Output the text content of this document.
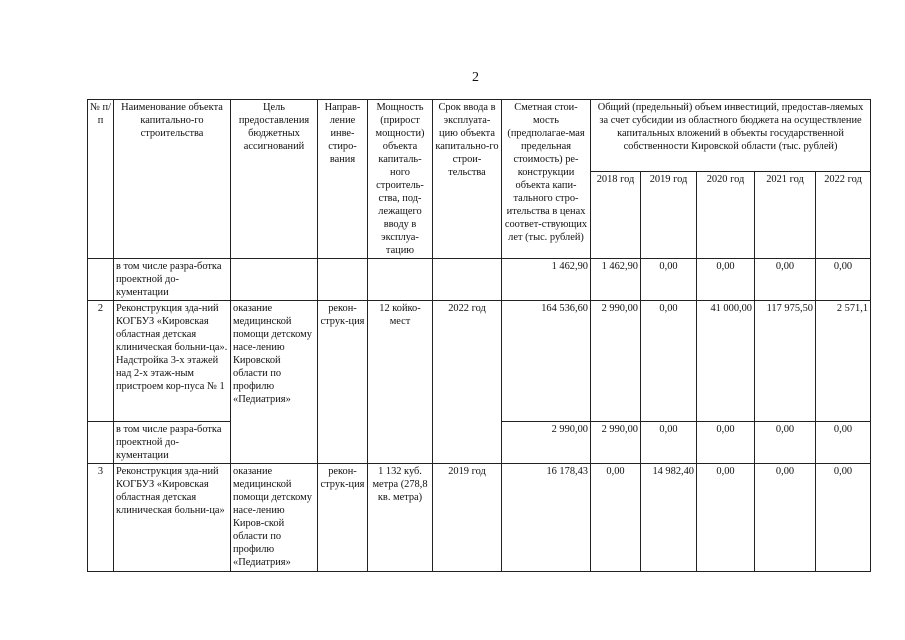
2
№ п/п	Наименование объекта капитально-го строительства	Цель предоставления бюджетных ассигнований	Направ-ление инве-стиро-вания	Мощность (прирост мощности) объекта капиталь-ного строитель-ства, под-лежащего вводу в эксплуа-тацию	Срок ввода в эксплуата-цию объекта капитально-го строи-тельства	Сметная стои-мость (предполагае-мая предельная стоимость) ре-конструкции объекта капи-тального стро-ительства в ценах соответ-ствующих лет (тыс. рублей)	Общий (предельный) объем инвестиций, предостав-ляемых за счет субсидии из областного бюджета на осуществление капитальных вложений в объекты государственной собственности Кировской области (тыс. рублей)				
							2018 год	2019 год	2020 год	2021 год	2022 год
	в том числе разра-ботка проектной до-кументации					1 462,90	1 462,90	0,00	0,00	0,00	0,00
2	Реконструкция зда-ний КОГБУЗ «Кировская областная детская клиническая больни-ца». Надстройка 3-х этажей над 2-х этаж-ным пристроем кор-пуса № 1	оказание медицинской помощи детскому насе-лению Кировской области по профилю «Педиатрия»	рекон-струк-ция	12 койко-мест	2022 год	164 536,60	2 990,00	0,00	41 000,00	117 975,50	2 571,1
	в том числе разра-ботка проектной до-кументации					2 990,00	2 990,00	0,00	0,00	0,00	0,00
3	Реконструкция зда-ний КОГБУЗ «Кировская областная детская клиническая больни-ца»	оказание медицинской помощи детскому насе-лению Киров-ской области по профилю «Педиатрия»	рекон-струк-ция	1 132 куб. метра (278,8 кв. метра)	2019 год	16 178,43	0,00	14 982,40	0,00	0,00	0,00
